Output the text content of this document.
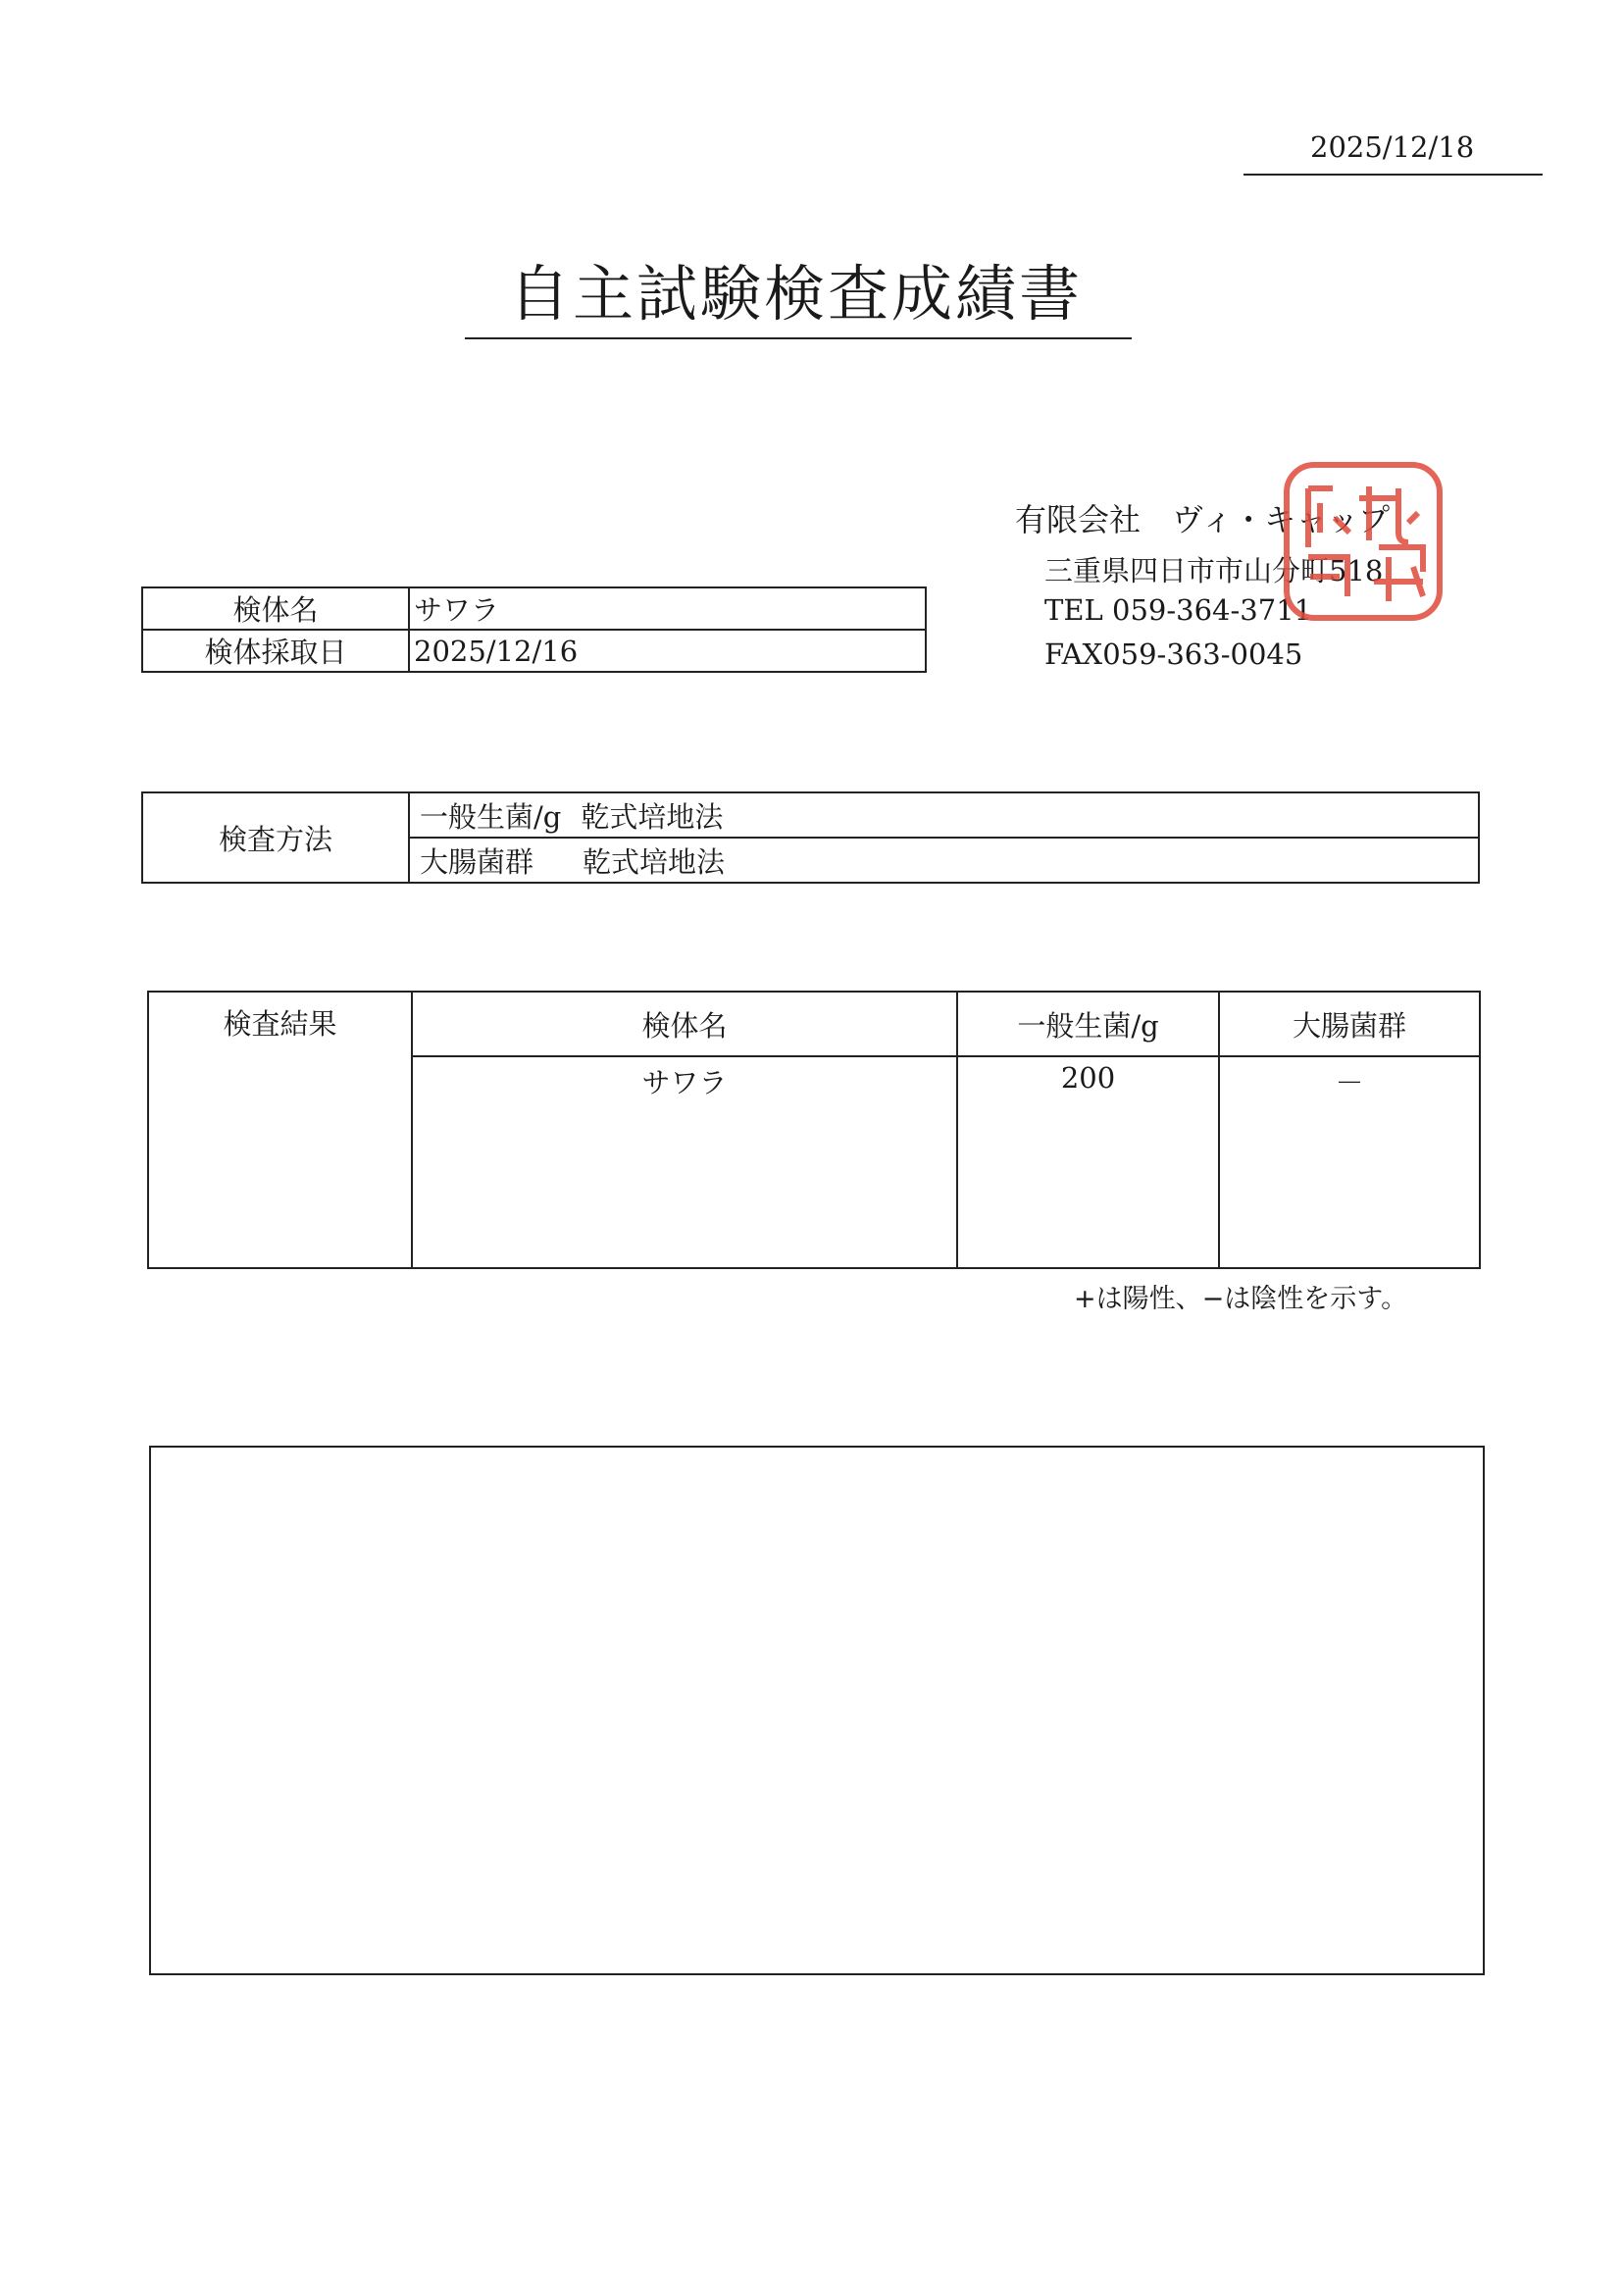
2025/12/18
自主試験検査成績書
有限会社　ヴィ・キャップ
三重県四日市市山分町518
TEL 059-364-3711
FAX059-363-0045
検体名	サワラ
検体採取日	2025/12/16
検査方法	一般生菌/g 乾式培地法
大腸菌群 乾式培地法
検査結果	検体名	一般生菌/g	大腸菌群
	サワラ	200	－
+は陽性、−は陰性を示す。
